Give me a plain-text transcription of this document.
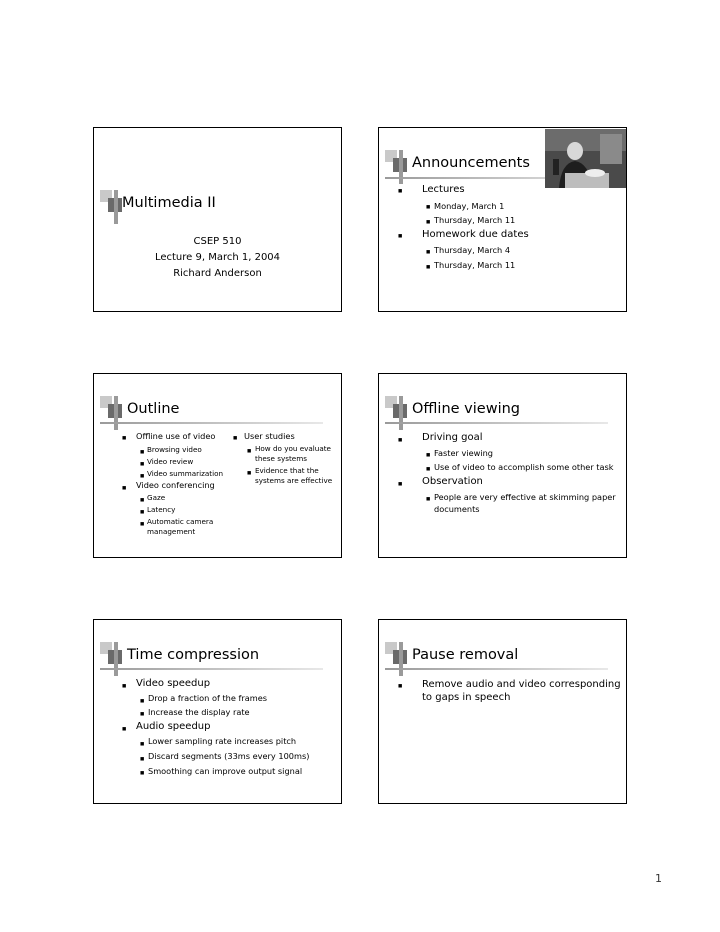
Multimedia II
CSEP 510
Lecture 9, March 1, 2004
Richard Anderson
Announcements
■ Lectures
■ Monday, March 1
■ Thursday, March 11
■ Homework due dates
■ Thursday, March 4
■ Thursday, March 11
Outline
■ Offline use of video
■ Browsing video
■ Video review
■ Video summarization
■ Video conferencing
■ Gaze
■ Latency
■ Automatic camera management
■ User studies
■ How do you evaluate these systems
■ Evidence that the systems are effective
Offline viewing
■ Driving goal
■ Faster viewing
■ Use of video to accomplish some other task
■ Observation
■ People are very effective at skimming paper documents
Time compression
■ Video speedup
■ Drop a fraction of the frames
■ Increase the display rate
■ Audio speedup
■ Lower sampling rate increases pitch
■ Discard segments (33ms every 100ms)
■ Smoothing can improve output signal
Pause removal
■ Remove audio and video corresponding to gaps in speech
1
